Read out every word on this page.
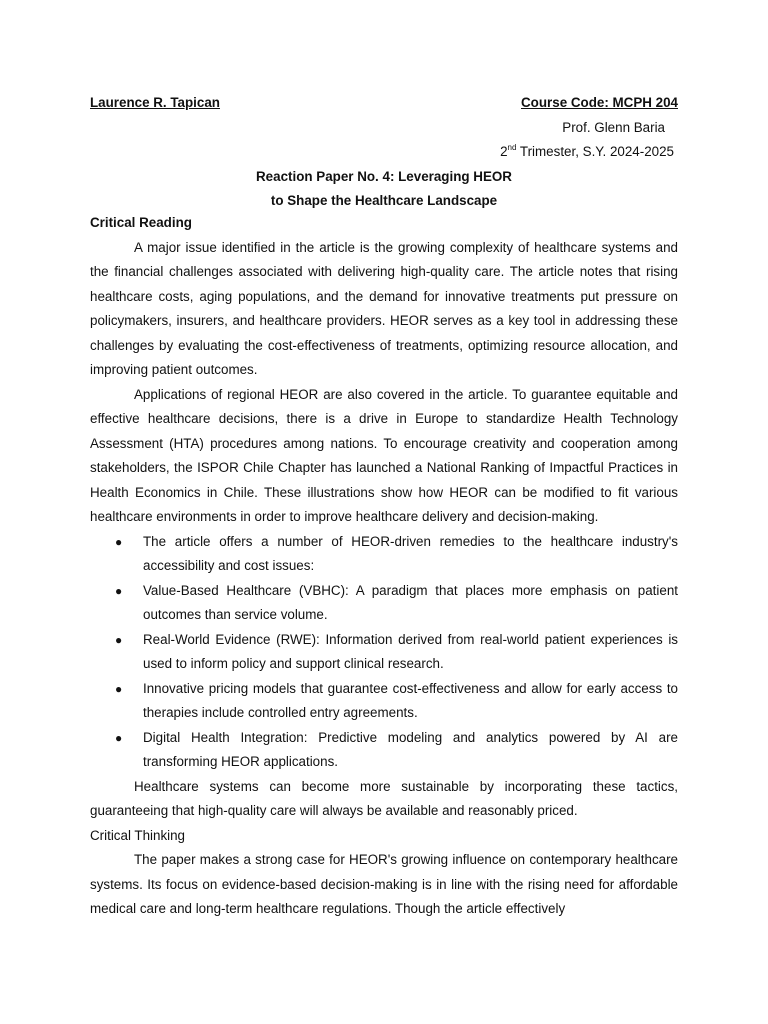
Laurence R. Tapican	Course Code: MCPH 204
Prof. Glenn Baria
2nd Trimester, S.Y. 2024-2025
Reaction Paper No. 4: Leveraging HEOR
to Shape the Healthcare Landscape
Critical Reading

A major issue identified in the article is the growing complexity of healthcare systems and the financial challenges associated with delivering high-quality care. The article notes that rising healthcare costs, aging populations, and the demand for innovative treatments put pressure on policymakers, insurers, and healthcare providers. HEOR serves as a key tool in addressing these challenges by evaluating the cost-effectiveness of treatments, optimizing resource allocation, and improving patient outcomes.

Applications of regional HEOR are also covered in the article. To guarantee equitable and effective healthcare decisions, there is a drive in Europe to standardize Health Technology Assessment (HTA) procedures among nations. To encourage creativity and cooperation among stakeholders, the ISPOR Chile Chapter has launched a National Ranking of Impactful Practices in Health Economics in Chile. These illustrations show how HEOR can be modified to fit various healthcare environments in order to improve healthcare delivery and decision-making.

● The article offers a number of HEOR-driven remedies to the healthcare industry's accessibility and cost issues:
● Value-Based Healthcare (VBHC): A paradigm that places more emphasis on patient outcomes than service volume.
● Real-World Evidence (RWE): Information derived from real-world patient experiences is used to inform policy and support clinical research.
● Innovative pricing models that guarantee cost-effectiveness and allow for early access to therapies include controlled entry agreements.
● Digital Health Integration: Predictive modeling and analytics powered by AI are transforming HEOR applications.

Healthcare systems can become more sustainable by incorporating these tactics, guaranteeing that high-quality care will always be available and reasonably priced.

Critical Thinking

The paper makes a strong case for HEOR's growing influence on contemporary healthcare systems. Its focus on evidence-based decision-making is in line with the rising need for affordable medical care and long-term healthcare regulations. Though the article effectively
